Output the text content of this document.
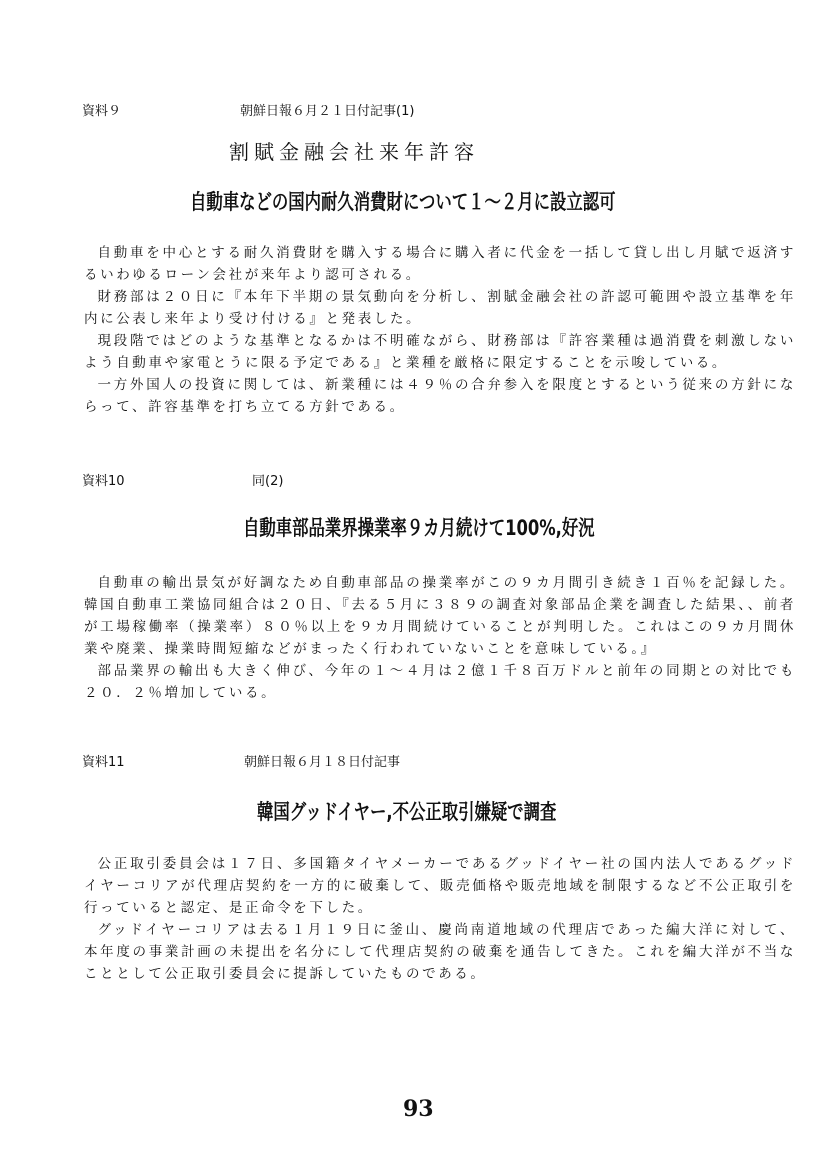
資料９	朝鮮日報６月２１日付記事(1)
割賦金融会社来年許容
自動車などの国内耐久消費財について１～２月に設立認可

自動車を中心とする耐久消費財を購入する場合に購入者に代金を一括して貸し出し月賦で返済するいわゆるローン会社が来年より認可される。

財務部は２０日に『本年下半期の景気動向を分析し、割賦金融会社の許認可範囲や設立基準を年内に公表し来年より受け付ける』と発表した。

現段階ではどのような基準となるかは不明確ながら、財務部は『許容業種は過消費を刺激しないよう自動車や家電とうに限る予定である』と業種を厳格に限定することを示唆している。

一方外国人の投資に関しては、新業種には４９％の合弁参入を限度とするという従来の方針にならって、許容基準を打ち立てる方針である。

資料10	同(2)
自動車部品業界操業率９カ月続けて100%,好況

自動車の輸出景気が好調なため自動車部品の操業率がこの９カ月間引き続き１百％を記録した。韓国自動車工業協同組合は２０日、『去る５月に３８９の調査対象部品企業を調査した結果、、前者が工場稼働率（操業率）８０％以上を９カ月間続けていることが判明した。これはこの９カ月間休業や廃業、操業時間短縮などがまったく行われていないことを意味している。』

部品業界の輸出も大きく伸び、今年の１～４月は２億１千８百万ドルと前年の同期との対比でも２０．２％増加している。

資料11	朝鮮日報６月１８日付記事
韓国グッドイヤー,不公正取引嫌疑で調査

公正取引委員会は１７日、多国籍タイヤメーカーであるグッドイヤー社の国内法人であるグッドイヤーコリアが代理店契約を一方的に破棄して、販売価格や販売地域を制限するなど不公正取引を行っていると認定、是正命令を下した。

グッドイヤーコリアは去る１月１９日に釜山、慶尚南道地域の代理店であった編大洋に対して、本年度の事業計画の未提出を名分にして代理店契約の破棄を通告してきた。これを編大洋が不当なこととして公正取引委員会に提訴していたものである。

93
